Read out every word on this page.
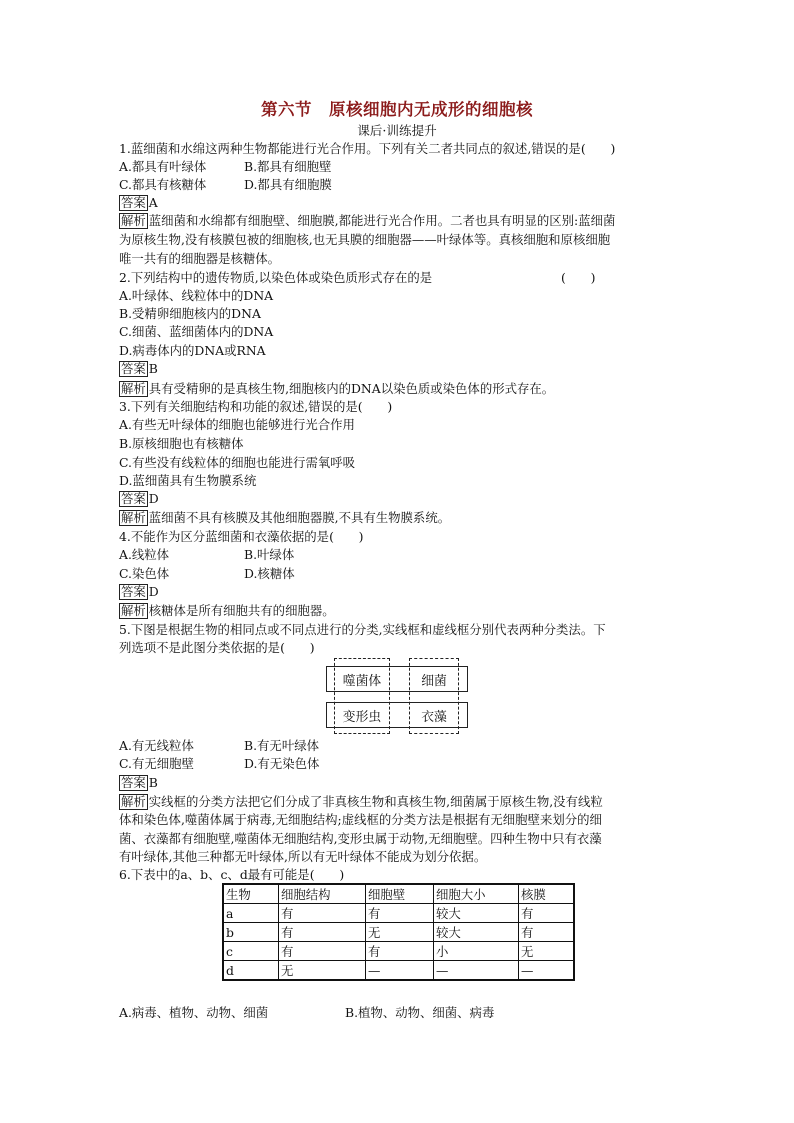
第六节　原核细胞内无成形的细胞核
课后·训练提升
1.蓝细菌和水绵这两种生物都能进行光合作用。下列有关二者共同点的叙述,错误的是(　　)
A.都具有叶绿体	B.都具有细胞壁
C.都具有核糖体	D.都具有细胞膜
答案 A
解析 蓝细菌和水绵都有细胞壁、细胞膜,都能进行光合作用。二者也具有明显的区别:蓝细菌
为原核生物,没有核膜包被的细胞核,也无具膜的细胞器——叶绿体等。真核细胞和原核细胞
唯一共有的细胞器是核糖体。
2.下列结构中的遗传物质,以染色体或染色质形式存在的是	(　　)
A.叶绿体、线粒体中的DNA
B.受精卵细胞核内的DNA
C.细菌、蓝细菌体内的DNA
D.病毒体内的DNA或RNA
答案 B
解析 具有受精卵的是真核生物,细胞核内的DNA以染色质或染色体的形式存在。
3.下列有关细胞结构和功能的叙述,错误的是(　　)
A.有些无叶绿体的细胞也能够进行光合作用
B.原核细胞也有核糖体
C.有些没有线粒体的细胞也能进行需氧呼吸
D.蓝细菌具有生物膜系统
答案 D
解析 蓝细菌不具有核膜及其他细胞器膜,不具有生物膜系统。
4.不能作为区分蓝细菌和衣藻依据的是(　　)
A.线粒体	B.叶绿体
C.染色体	D.核糖体
答案 D
解析 核糖体是所有细胞共有的细胞器。
5.下图是根据生物的相同点或不同点进行的分类,实线框和虚线框分别代表两种分类法。下
列选项不是此图分类依据的是(　　)
噬菌体	细菌
变形虫	衣藻
A.有无线粒体	B.有无叶绿体
C.有无细胞壁	D.有无染色体
答案 B
解析 实线框的分类方法把它们分成了非真核生物和真核生物,细菌属于原核生物,没有线粒
体和染色体,噬菌体属于病毒,无细胞结构;虚线框的分类方法是根据有无细胞壁来划分的细
菌、衣藻都有细胞壁,噬菌体无细胞结构,变形虫属于动物,无细胞壁。四种生物中只有衣藻
有叶绿体,其他三种都无叶绿体,所以有无叶绿体不能成为划分依据。
6.下表中的a、b、c、d最有可能是(　　)
生物	细胞结构	细胞壁	细胞大小	核膜
a	有	有	较大	有
b	有	无	较大	有
c	有	有	小	无
d	无	—	—	—
A.病毒、植物、动物、细菌	B.植物、动物、细菌、病毒
